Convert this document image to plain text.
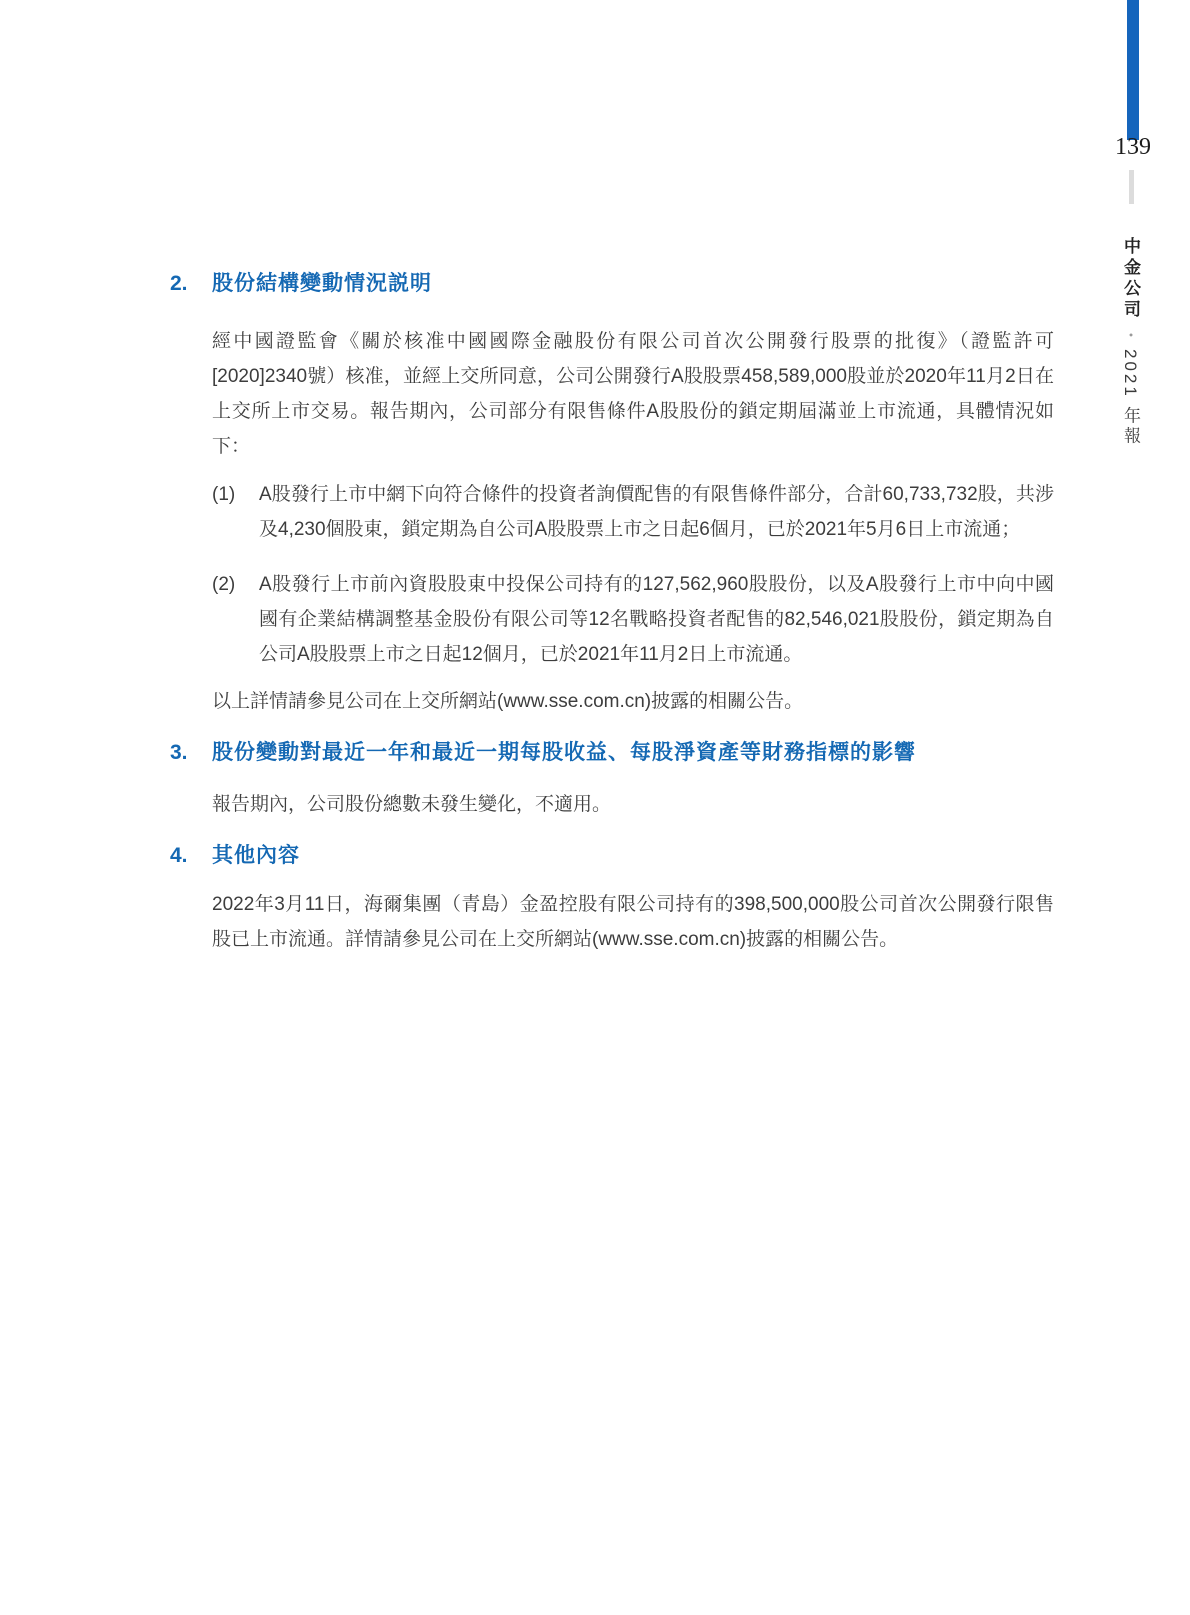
139
中金公司
•
2021 年報
2.	股份結構變動情況説明

經中國證監會《關於核准中國國際金融股份有限公司首次公開發行股票的批復》（證監許可[2020]2340號）核准，並經上交所同意，公司公開發行A股股票458,589,000股並於2020年11月2日在上交所上市交易。報告期內，公司部分有限售條件A股股份的鎖定期屆滿並上市流通，具體情況如下：

(1)	A股發行上市中網下向符合條件的投資者詢價配售的有限售條件部分，合計60,733,732股，共涉及4,230個股東，鎖定期為自公司A股股票上市之日起6個月，已於2021年5月6日上市流通；
(2)	A股發行上市前內資股股東中投保公司持有的127,562,960股股份，以及A股發行上市中向中國國有企業結構調整基金股份有限公司等12名戰略投資者配售的82,546,021股股份，鎖定期為自公司A股股票上市之日起12個月，已於2021年11月2日上市流通。

以上詳情請參見公司在上交所網站(www.sse.com.cn)披露的相關公告。

3.	股份變動對最近一年和最近一期每股收益、每股淨資產等財務指標的影響

報告期內，公司股份總數未發生變化，不適用。

4.	其他內容

2022年3月11日，海爾集團（青島）金盈控股有限公司持有的398,500,000股公司首次公開發行限售股已上市流通。詳情請參見公司在上交所網站(www.sse.com.cn)披露的相關公告。
